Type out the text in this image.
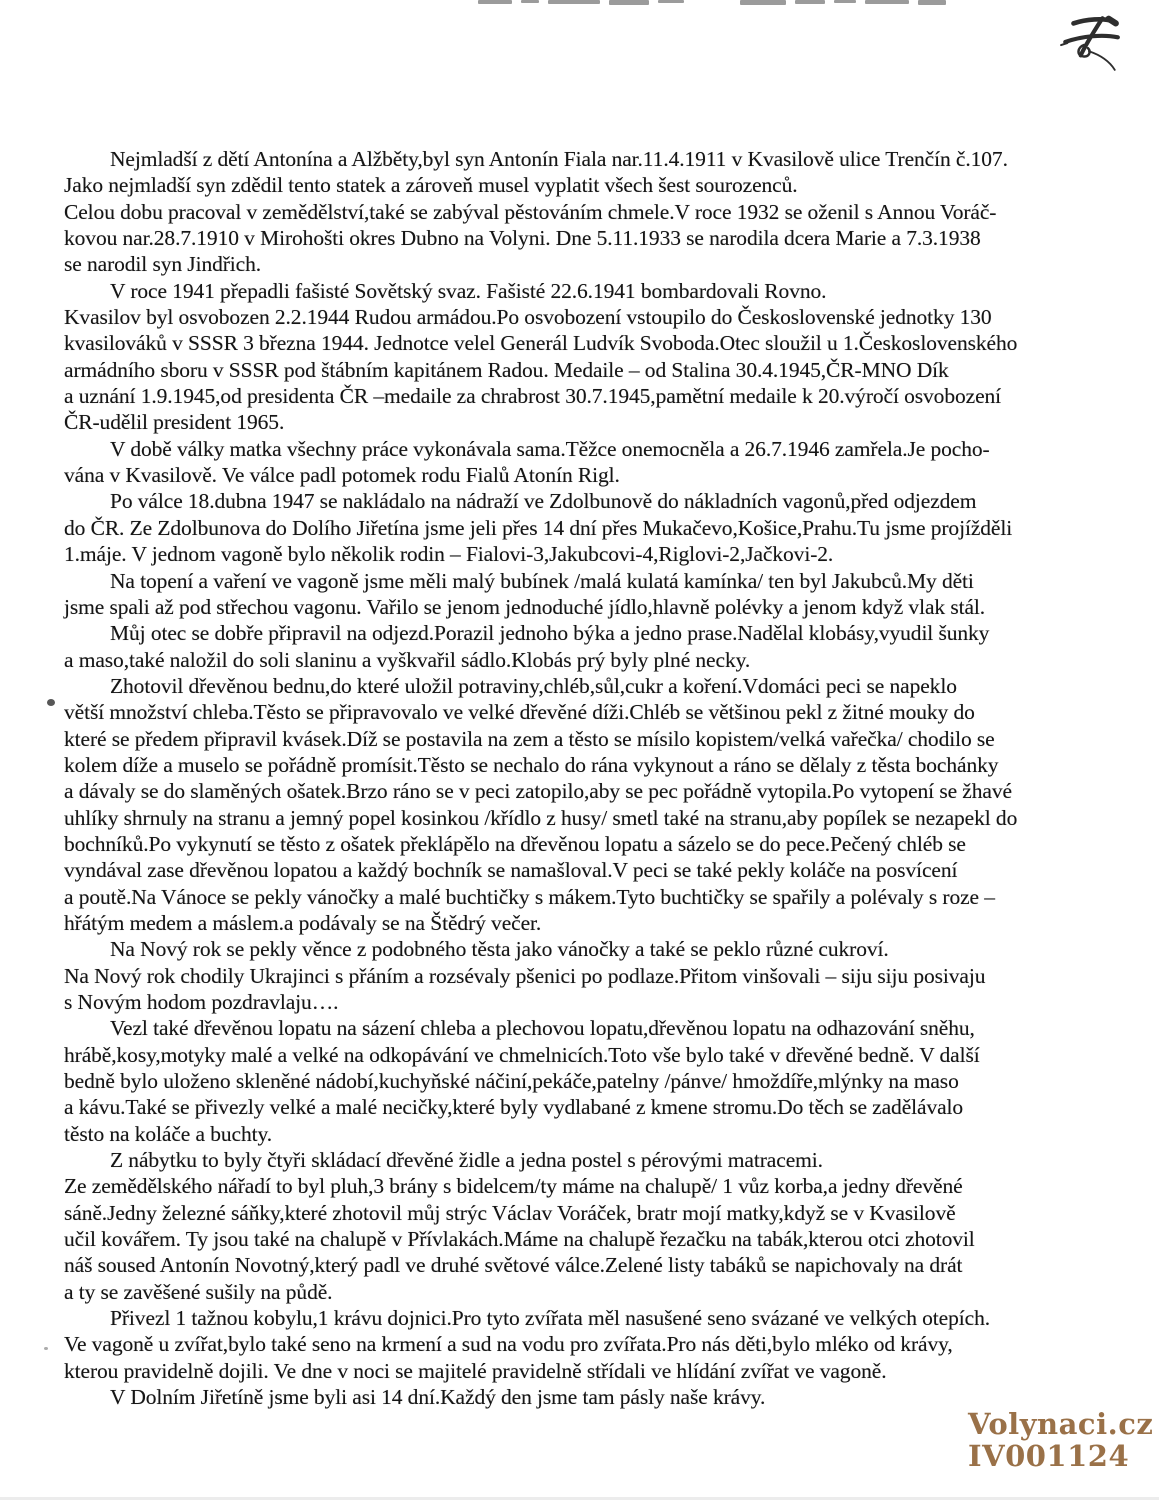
Nejmladší z dětí Antonína a Alžběty,byl syn Antonín Fiala nar.11.4.1911 v Kvasilově ulice Trenčín č.107.
Jako nejmladší syn zdědil tento statek a zároveň musel vyplatit všech šest sourozenců.
Celou dobu pracoval v zemědělství,také se zabýval pěstováním chmele.V roce 1932 se oženil s Annou Voráč-
kovou nar.28.7.1910 v Mirohošti okres Dubno na Volyni. Dne 5.11.1933 se narodila dcera Marie a 7.3.1938
se narodil syn Jindřich.
V roce 1941 přepadli fašisté Sovětský svaz. Fašisté 22.6.1941 bombardovali Rovno.
Kvasilov byl osvobozen 2.2.1944 Rudou armádou.Po osvobození vstoupilo do Československé jednotky 130
kvasilováků v SSSR 3 března 1944. Jednotce velel Generál Ludvík Svoboda.Otec sloužil u 1.Československého
armádního sboru v SSSR pod štábním kapitánem Radou. Medaile – od Stalina 30.4.1945,ČR-MNO Dík
a uznání 1.9.1945,od presidenta ČR –medaile za chrabrost 30.7.1945,pamětní medaile k 20.výročí osvobození
ČR-udělil president 1965.
V době války matka všechny práce vykonávala sama.Těžce onemocněla a 26.7.1946 zamřela.Je pocho-
vána v Kvasilově. Ve válce padl potomek rodu Fialů Atonín Rigl.
Po válce 18.dubna 1947 se nakládalo na nádraží ve Zdolbunově do nákladních vagonů,před odjezdem
do ČR. Ze Zdolbunova do Dolího Jiřetína jsme jeli přes 14 dní přes Mukačevo,Košice,Prahu.Tu jsme projížděli
1.máje. V jednom vagoně bylo několik rodin – Fialovi-3,Jakubcovi-4,Riglovi-2,Jačkovi-2.
Na topení a vaření ve vagoně jsme měli malý bubínek /malá kulatá kamínka/ ten byl Jakubců.My děti
jsme spali až pod střechou vagonu. Vařilo se jenom jednoduché jídlo,hlavně polévky a jenom když vlak stál.
Můj otec se dobře připravil na odjezd.Porazil jednoho býka a jedno prase.Nadělal klobásy,vyudil šunky
a maso,také naložil do soli slaninu a vyškvařil sádlo.Klobás prý byly plné necky.
Zhotovil dřevěnou bednu,do které uložil potraviny,chléb,sůl,cukr a koření.Vdomáci peci se napeklo
větší množství chleba.Těsto se připravovalo ve velké dřevěné díži.Chléb se většinou pekl z žitné mouky do
které se předem připravil kvásek.Díž se postavila na zem a těsto se mísilo kopistem/velká vařečka/ chodilo se
kolem díže a muselo se pořádně promísit.Těsto se nechalo do rána vykynout a ráno se dělaly z těsta bochánky
a dávaly se do slaměných ošatek.Brzo ráno se v peci zatopilo,aby se pec pořádně vytopila.Po vytopení se žhavé
uhlíky shrnuly na stranu a jemný popel kosinkou /křídlo z husy/ smetl také na stranu,aby popílek se nezapekl do
bochníků.Po vykynutí se těsto z ošatek překlápělo na dřevěnou lopatu a sázelo se do pece.Pečený chléb se
vyndával zase dřevěnou lopatou a každý bochník se namašloval.V peci se také pekly koláče na posvícení
a poutě.Na Vánoce se pekly vánočky a malé buchtičky s mákem.Tyto buchtičky se spařily a polévaly s roze –
hřátým medem a máslem.a podávaly se na Štědrý večer.
Na Nový rok se pekly věnce z podobného těsta jako vánočky a také se peklo různé cukroví.
Na Nový rok chodily Ukrajinci s přáním a rozsévaly pšenici po podlaze.Přitom vinšovali – siju siju posivaju
s Novým hodom pozdravlaju….
Vezl také dřevěnou lopatu na sázení chleba a plechovou lopatu,dřevěnou lopatu na odhazování sněhu,
hrábě,kosy,motyky malé a velké na odkopávání ve chmelnicích.Toto vše bylo také v dřevěné bedně. V další
bedně bylo uloženo skleněné nádobí,kuchyňské náčiní,pekáče,patelny /pánve/ hmoždíře,mlýnky na maso
a kávu.Také se přivezly velké a malé necičky,které byly vydlabané z kmene stromu.Do těch se zadělávalo
těsto na koláče a buchty.
Z nábytku to byly čtyři skládací dřevěné židle a jedna postel s pérovými matracemi.
Ze zemědělského nářadí to byl pluh,3 brány s bidelcem/ty máme na chalupě/ 1 vůz korba,a jedny dřevěné
sáně.Jedny železné sáňky,které zhotovil můj strýc Václav Voráček, bratr mojí matky,když se v Kvasilově
učil kovářem. Ty jsou také na chalupě v Přívlakách.Máme na chalupě řezačku na tabák,kterou otci zhotovil
náš soused Antonín Novotný,který padl ve druhé světové válce.Zelené listy tabáků se napichovaly na drát
a ty se zavěšené sušily na půdě.
Přivezl 1 tažnou kobylu,1 krávu dojnici.Pro tyto zvířata měl nasušené seno svázané ve velkých otepích.
Ve vagoně u zvířat,bylo také seno na krmení a sud na vodu pro zvířata.Pro nás děti,bylo mléko od krávy,
kterou pravidelně dojili. Ve dne v noci se majitelé pravidelně střídali ve hlídání zvířat ve vagoně.
V Dolním Jiřetíně jsme byli asi 14 dní.Každý den jsme tam pásly naše krávy.
Volynaci.cz
IV001124
